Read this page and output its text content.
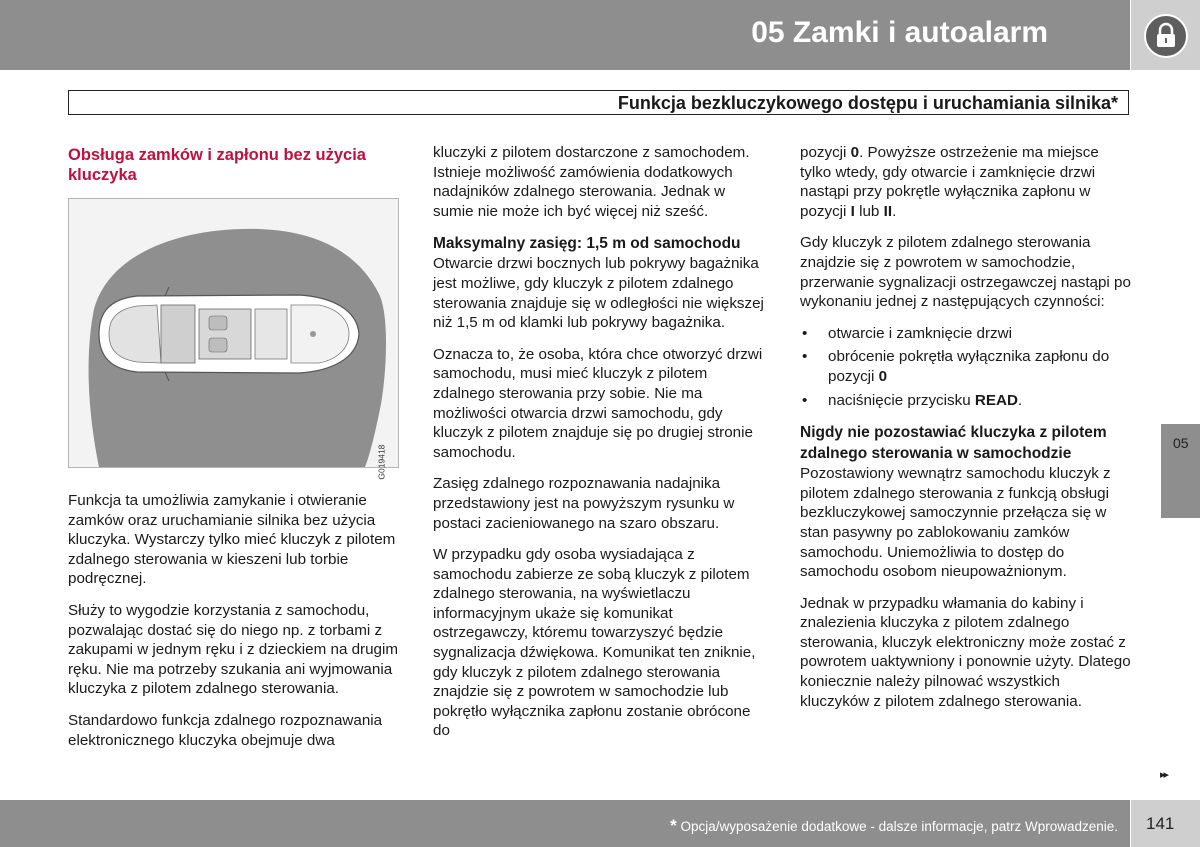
05 Zamki i autoalarm
Funkcja bezkluczykowego dostępu i uruchamiania silnika*
Obsługa zamków i zapłonu bez użycia kluczyka
G019418

Funkcja ta umożliwia zamykanie i otwieranie zamków oraz uruchamianie silnika bez użycia kluczyka. Wystarczy tylko mieć kluczyk z pilotem zdalnego sterowania w kieszeni lub torbie podręcznej.

Służy to wygodzie korzystania z samochodu, pozwalając dostać się do niego np. z torbami z zakupami w jednym ręku i z dzieckiem na drugim ręku. Nie ma potrzeby szukania ani wyjmowania kluczyka z pilotem zdalnego sterowania.

Standardowo funkcja zdalnego rozpoznawania elektronicznego kluczyka obejmuje dwa

kluczyki z pilotem dostarczone z samochodem. Istnieje możliwość zamówienia dodatkowych nadajników zdalnego sterowania. Jednak w sumie nie może ich być więcej niż sześć.

Maksymalny zasięg: 1,5 m od samochodu

Otwarcie drzwi bocznych lub pokrywy bagażnika jest możliwe, gdy kluczyk z pilotem zdalnego sterowania znajduje się w odległości nie większej niż 1,5 m od klamki lub pokrywy bagażnika.

Oznacza to, że osoba, która chce otworzyć drzwi samochodu, musi mieć kluczyk z pilotem zdalnego sterowania przy sobie. Nie ma możliwości otwarcia drzwi samochodu, gdy kluczyk z pilotem znajduje się po drugiej stronie samochodu.

Zasięg zdalnego rozpoznawania nadajnika przedstawiony jest na powyższym rysunku w postaci zacieniowanego na szaro obszaru.

W przypadku gdy osoba wysiadająca z samochodu zabierze ze sobą kluczyk z pilotem zdalnego sterowania, na wyświetlaczu informacyjnym ukaże się komunikat ostrzegawczy, któremu towarzyszyć będzie sygnalizacja dźwiękowa. Komunikat ten zniknie, gdy kluczyk z pilotem zdalnego sterowania znajdzie się z powrotem w samochodzie lub pokrętło wyłącznika zapłonu zostanie obrócone do

pozycji 0. Powyższe ostrzeżenie ma miejsce tylko wtedy, gdy otwarcie i zamknięcie drzwi nastąpi przy pokrętle wyłącznika zapłonu w pozycji I lub II.

Gdy kluczyk z pilotem zdalnego sterowania znajdzie się z powrotem w samochodzie, przerwanie sygnalizacji ostrzegawczej nastąpi po wykonaniu jednej z następujących czynności:

• otwarcie i zamknięcie drzwi
• obrócenie pokrętła wyłącznika zapłonu do pozycji 0
• naciśnięcie przycisku READ.
Nigdy nie pozostawiać kluczyka z pilotem zdalnego sterowania w samochodzie

Pozostawiony wewnątrz samochodu kluczyk z pilotem zdalnego sterowania z funkcją obsługi bezkluczykowej samoczynnie przełącza się w stan pasywny po zablokowaniu zamków samochodu. Uniemożliwia to dostęp do samochodu osobom nieupoważnionym.

Jednak w przypadku włamania do kabiny i znalezienia kluczyka z pilotem zdalnego sterowania, kluczyk elektroniczny może zostać z powrotem uaktywniony i ponownie użyty. Dlatego koniecznie należy pilnować wszystkich kluczyków z pilotem zdalnego sterowania.

05
▸▸
* Opcja/wyposażenie dodatkowe - dalsze informacje, patrz Wprowadzenie. 141
